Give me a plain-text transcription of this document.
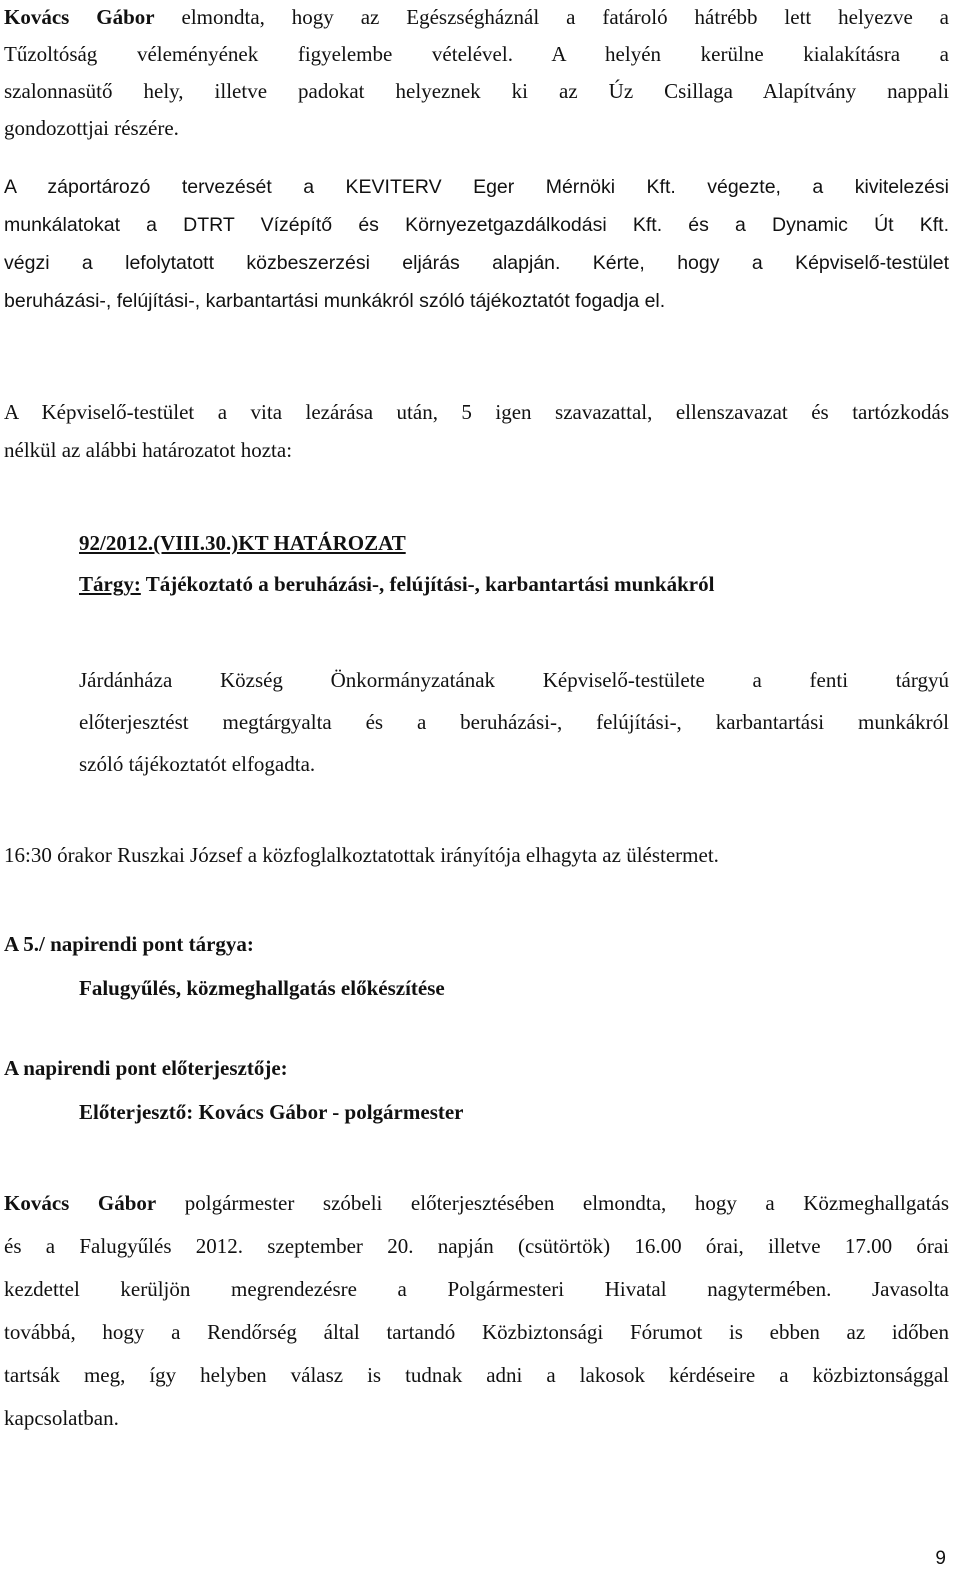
Kovács Gábor elmondta, hogy az Egészségháznál a fatároló hátrébb lett helyezve a
Tűzoltóság véleményének figyelembe vételével. A helyén kerülne kialakításra a
szalonnasütő hely, illetve padokat helyeznek ki az Úz Csillaga Alapítvány nappali
gondozottjai részére.
A záportározó tervezését a KEVITERV Eger Mérnöki Kft. végezte, a kivitelezési
munkálatokat a DTRT Vízépítő és Környezetgazdálkodási Kft. és a Dynamic Út Kft.
végzi a lefolytatott közbeszerzési eljárás alapján. Kérte, hogy a Képviselő-testület
beruházási-, felújítási-, karbantartási munkákról szóló tájékoztatót fogadja el.
A Képviselő-testület a vita lezárása után, 5 igen szavazattal, ellenszavazat és tartózkodás
nélkül az alábbi határozatot hozta:
92/2012.(VIII.30.)KT HATÁROZAT
Tárgy: Tájékoztató a beruházási-, felújítási-, karbantartási munkákról
Járdánháza Község Önkormányzatának Képviselő-testülete a fenti tárgyú
előterjesztést megtárgyalta és a beruházási-, felújítási-, karbantartási munkákról
szóló tájékoztatót elfogadta.
16:30 órakor Ruszkai József a közfoglalkoztatottak irányítója elhagyta az üléstermet.
A 5./ napirendi pont tárgya:
Falugyűlés, közmeghallgatás előkészítése
A napirendi pont előterjesztője:
Előterjesztő: Kovács Gábor - polgármester
Kovács Gábor polgármester szóbeli előterjesztésében elmondta, hogy a Közmeghallgatás
és a Falugyűlés 2012. szeptember 20. napján (csütörtök) 16.00 órai, illetve 17.00 órai
kezdettel kerüljön megrendezésre a Polgármesteri Hivatal nagytermében. Javasolta
továbbá, hogy a Rendőrség által tartandó Közbiztonsági Fórumot is ebben az időben
tartsák meg, így helyben válasz is tudnak adni a lakosok kérdéseire a közbiztonsággal
kapcsolatban.
9
